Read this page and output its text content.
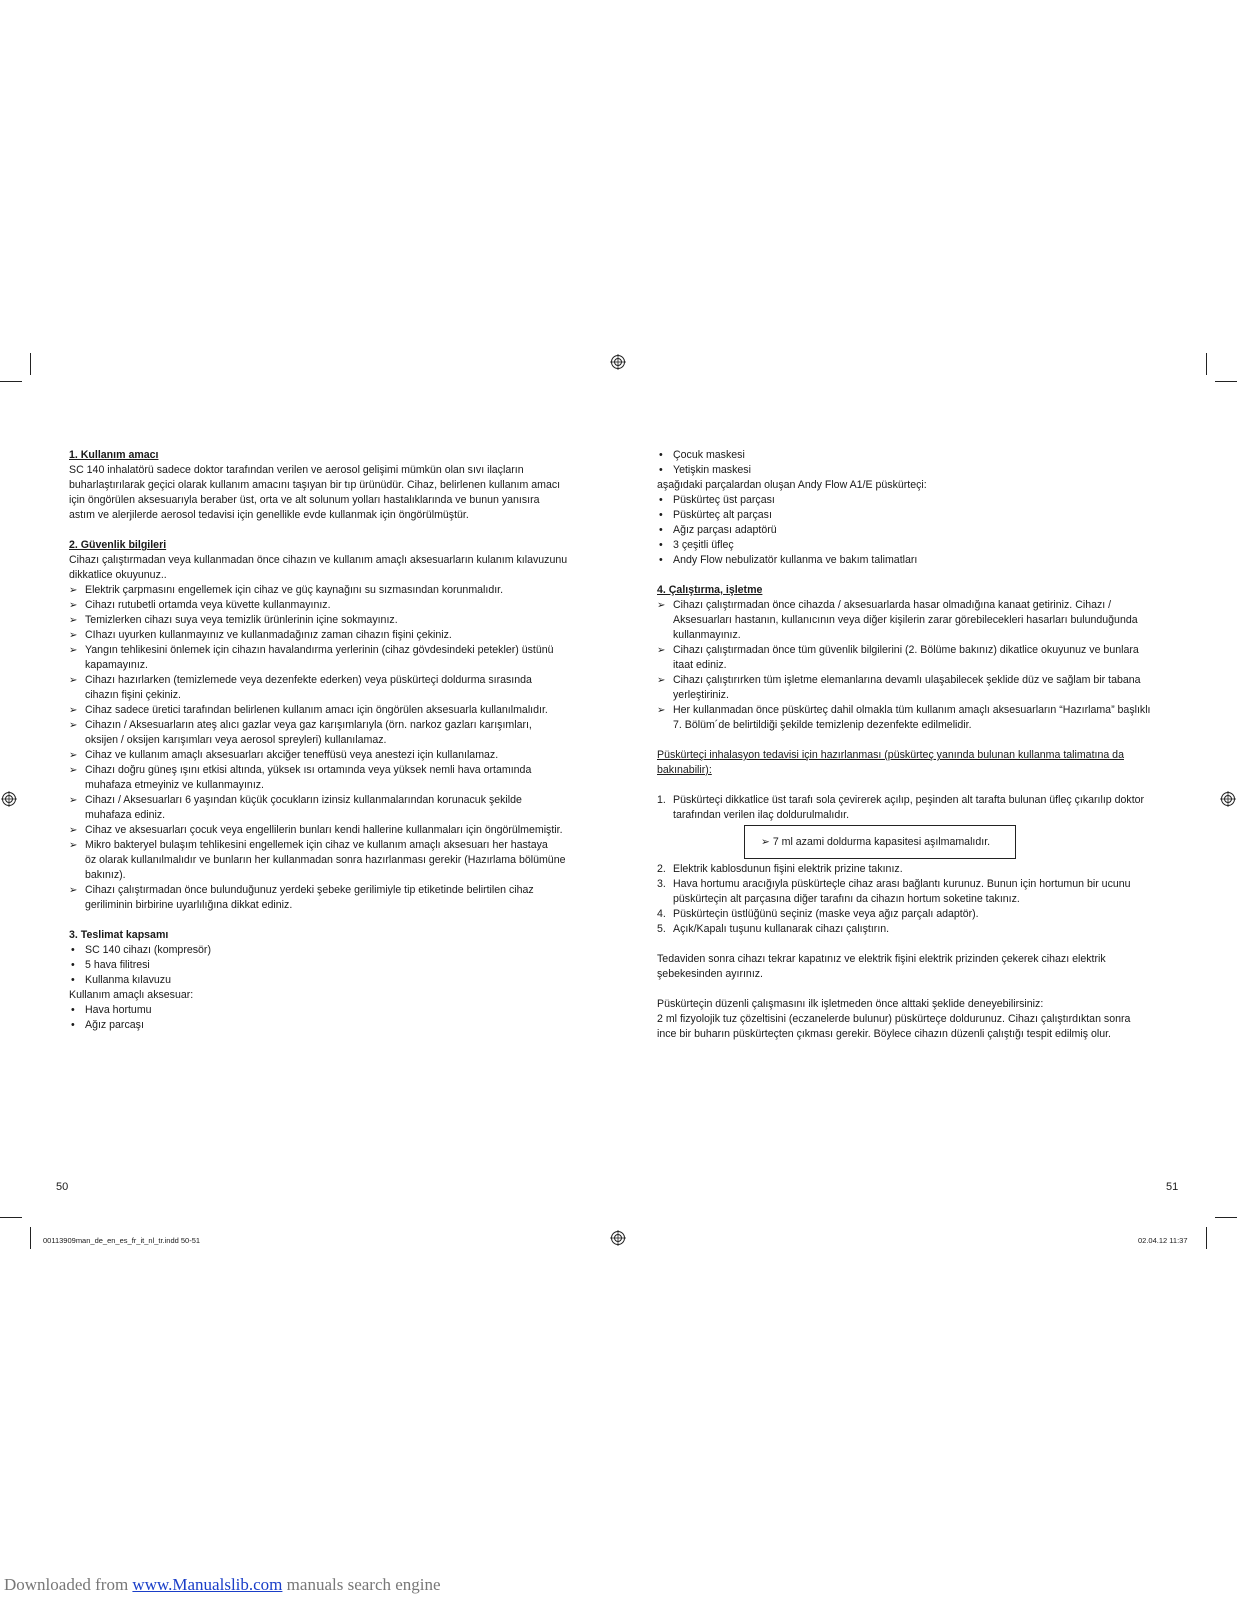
1. Kullanım amacı

SC 140 inhalatörü sadece doktor tarafından verilen ve aerosol gelişimi mümkün olan sıvı ilaçların

buharlaştırılarak geçici olarak kullanım amacını taşıyan bir tıp ürünüdür. Cihaz, belirlenen kullanım amacı

için öngörülen aksesuarıyla beraber üst, orta ve alt solunum yolları hastalıklarında ve bunun yanısıra

astım ve alerjilerde aerosol tedavisi için genellikle evde kullanmak için öngörülmüştür.

2. Güvenlik bilgileri

Cihazı çalıştırmadan veya kullanmadan önce cihazın ve kullanım amaçlı aksesuarların kulanım kılavuzunu

dikkatlice okuyunuz..

➢ Elektrik çarpmasını engellemek için cihaz ve güç kaynağını su sızmasından korunmalıdır.
➢ Cihazı rutubetli ortamda veya küvette kullanmayınız.
➢ Temizlerken cihazı suya veya temizlik ürünlerinin içine sokmayınız.
➢ CIhazı uyurken kullanmayınız ve kullanmadağınız zaman cihazın fişini çekiniz.
➢ Yangın tehlikesini önlemek için cihazın havalandırma yerlerinin (cihaz gövdesindeki petekler) üstünü
kapamayınız.
➢ Cihazı hazırlarken (temizlemede veya dezenfekte ederken) veya püskürteçi doldurma sırasında
cihazın fişini çekiniz.
➢ Cihaz sadece üretici tarafından belirlenen kullanım amacı için öngörülen aksesuarla kullanılmalıdır.
➢ Cihazın / Aksesuarların ateş alıcı gazlar veya gaz karışımlarıyla (örn. narkoz gazları karışımları,
oksijen / oksijen karışımları veya aerosol spreyleri) kullanılamaz.
➢ Cihaz ve kullanım amaçlı aksesuarları akciğer teneffüsü veya anestezi için kullanılamaz.
➢ Cihazı doğru güneş ışını etkisi altında, yüksek ısı ortamında veya yüksek nemli hava ortamında
muhafaza etmeyiniz ve kullanmayınız.
➢ Cihazı / Aksesuarları 6 yaşından küçük çocukların izinsiz kullanmalarından korunacuk şekilde
muhafaza ediniz.
➢ Cihaz ve aksesuarları çocuk veya engellilerin bunları kendi hallerine kullanmaları için öngörülmemiştir.
➢ Mikro bakteryel bulaşım tehlikesini engellemek için cihaz ve kullanım amaçlı aksesuarı her hastaya
öz olarak kullanılmalıdır ve bunların her kullanmadan sonra hazırlanması gerekir (Hazırlama bölümüne
bakınız).
➢ Cihazı çalıştırmadan önce bulunduğunuz yerdeki şebeke gerilimiyle tip etiketinde belirtilen cihaz
geriliminin birbirine uyarlılığına dikkat ediniz.

3. Teslimat kapsamı

• SC 140 cihazı (kompresör)
• 5 hava filitresi
• Kullanma kılavuzu

Kullanım amaçlı aksesuar:

• Hava hortumu
• Ağız parcaşı
• Çocuk maskesi
• Yetişkin maskesi

aşağıdaki parçalardan oluşan Andy Flow A1/E püskürteçi:

• Püskürteç üst parçası
• Püskürteç alt parçası
• Ağız parçası adaptörü
• 3 çeşitli üfleç
• Andy Flow nebulizatör kullanma ve bakım talimatları

4. Çalıştırma, işletme

➢ Cihazı çalıştırmadan önce cihazda / aksesuarlarda hasar olmadığına kanaat getiriniz. Cihazı /
Aksesuarları hastanın, kullanıcının veya diğer kişilerin zarar görebilecekleri hasarları bulunduğunda
kullanmayınız.
➢ Cihazı çalıştırmadan önce tüm güvenlik bilgilerini (2. Bölüme bakınız) dikatlice okuyunuz ve bunlara
itaat ediniz.
➢ Cihazı çalıştırırken tüm işletme elemanlarına devamlı ulaşabilecek şeklide düz ve sağlam bir tabana
yerleştiriniz.
➢ Her kullanmadan önce püskürteç dahil olmakla tüm kullanım amaçlı aksesuarların “Hazırlama” başlıklı
7. Bölüm´de belirtildiği şekilde temizlenip dezenfekte edilmelidir.

Püskürteçi inhalasyon tedavisi için hazırlanması (püskürteç yanında bulunan kullanma talimatına da

bakınabilir):

1. Püskürteçi dikkatlice üst tarafı sola çevirerek açılıp, peşinden alt tarafta bulunan üfleç çıkarılıp doktor
tarafından verilen ilaç doldurulmalıdır.
➢ 7 ml azami doldurma kapasitesi aşılmamalıdır.
2. Elektrik kablosdunun fişini elektrik prizine takınız.
3. Hava hortumu aracığıyla püskürteçle cihaz arası bağlantı kurunuz. Bunun için hortumun bir ucunu
püskürteçin alt parçasına diğer tarafını da cihazın hortum soketine takınız.
4. Püskürteçin üstlüğünü seçiniz (maske veya ağız parçalı adaptör).
5. Açık/Kapalı tuşunu kullanarak cihazı çalıştırın.

Tedaviden sonra cihazı tekrar kapatınız ve elektrik fişini elektrik prizinden çekerek cihazı elektrik

şebekesinden ayırınız.

Püskürteçin düzenli çalışmasını ilk işletmeden önce alttaki şeklide deneyebilirsiniz:

2 ml fizyolojik tuz çözeltisini (eczanelerde bulunur) püskürteçe doldurunuz. Cihazı çalıştırdıktan sonra

ince bir buharın püskürteçten çıkması gerekir. Böylece cihazın düzenli çalıştığı tespit edilmiş olur.

50	51
00113909man_de_en_es_fr_it_nl_tr.indd 50-51	02.04.12 11:37
Downloaded from www.Manualslib.com manuals search engine
